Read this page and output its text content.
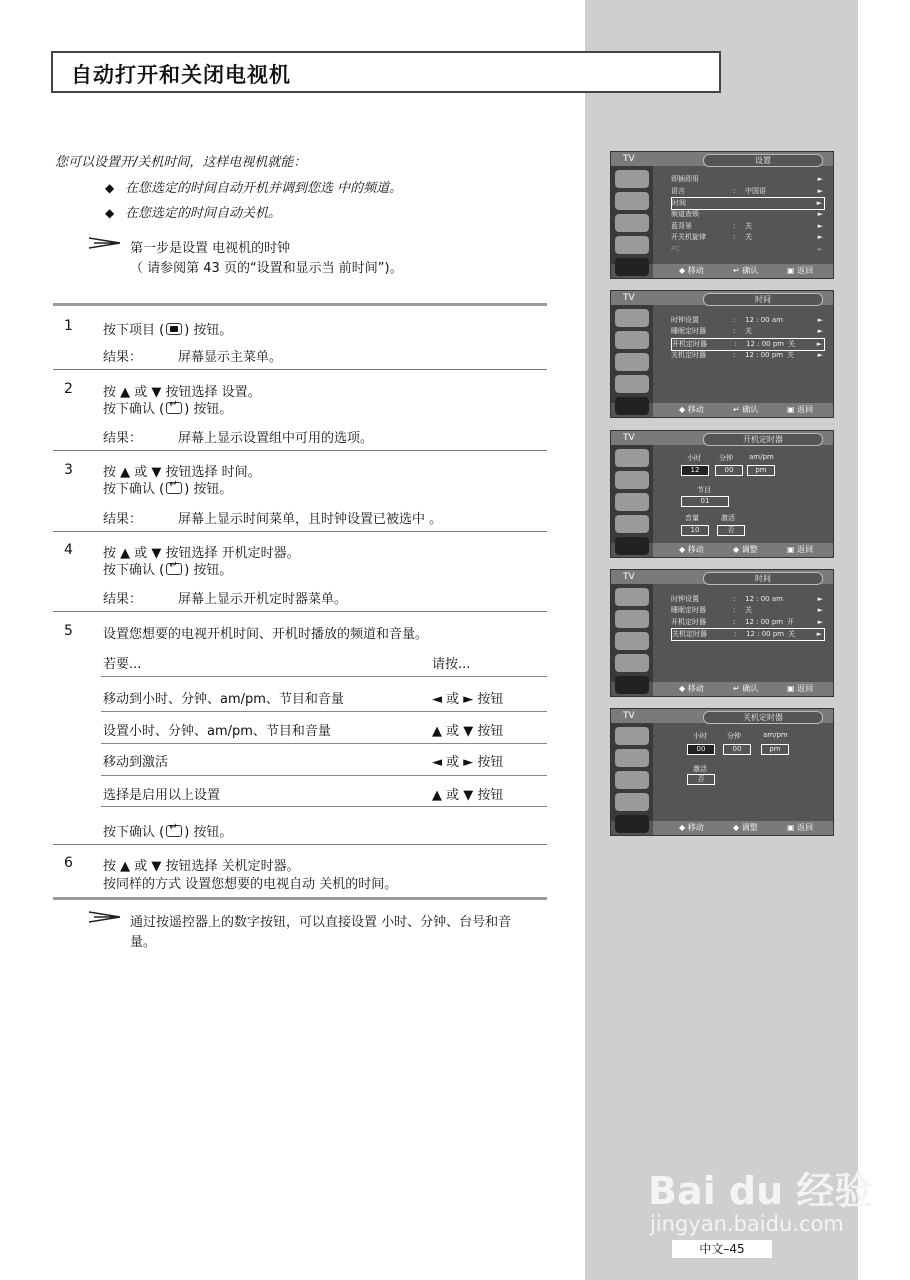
自动打开和关闭电视机
您可以设置开/关机时间，这样电视机就能：
◆ 在您选定的时间自动开机并调到您选 中的频道。
◆ 在您选定的时间自动关机。
第一步是设置 电视机的时钟
（ 请参阅第 43 页的“设置和显示当 前时间”)。
1 按下项目 ( ) 按钮。
结果：	屏幕显示主菜单。
2 按 ▲ 或 ▼ 按钮选择 设置。
按下确认 ( ↵ ) 按钮。
结果：	屏幕上显示设置组中可用的选项。
3 按 ▲ 或 ▼ 按钮选择 时间。
按下确认 ( ↵ ) 按钮。
结果：	屏幕上显示时间菜单，且时钟设置已被选中 。
4 按 ▲ 或 ▼ 按钮选择 开机定时器。
按下确认 ( ↵ ) 按钮。
结果：	屏幕上显示开机定时器菜单。
5 设置您想要的电视开机时间、开机时播放的频道和音量。
若要...	请按...
移动到小时、分钟、am/pm、节目和音量	◄ 或 ► 按钮
设置小时、分钟、am/pm、节目和音量	▲ 或 ▼ 按钮
移动到激活	◄ 或 ► 按钮
选择是启用以上设置	▲ 或 ▼ 按钮
按下确认 ( ↵ ) 按钮。
6 按 ▲ 或 ▼ 按钮选择 关机定时器。
按同样的方式 设置您想要的电视自动 关机的时间。
通过按遥控器上的数字按钮，可以直接设置 小时、分钟、台号和音
量。
TV	设置
即插即用	►
语言	: 中国语	►
时间	►
频道查锁	►
蓝背景	: 关	►
开关机旋律	: 关	►
PC	►
◆ 移动	↵ 确认	▣ 返回
TV	时间
时钟设置	: 12 : 00 am	►
睡眠定时器	: 关	►
开机定时器	: 12 : 00 pm 关	►
关机定时器	: 12 : 00 pm 关	►
◆ 移动	↵ 确认	▣ 返回
TV	开机定时器
小时	分钟 am/pm
12	00	pm
节目
01
音量	激活
10	否
◆ 移动	◆ 调整	▣ 返回
TV	时间
时钟设置	: 12 : 00 am	►
睡眠定时器	: 关	►
开机定时器	: 12 : 00 pm 开	►
关机定时器	: 12 : 00 pm 关	►
◆ 移动	↵ 确认	▣ 返回
TV	关机定时器
小时	分钟	am/pm
00	00	pm
激活
否
◆ 移动	◆ 调整	▣ 返回
Bai du 经验
jingyan.baidu.com
中文–45
